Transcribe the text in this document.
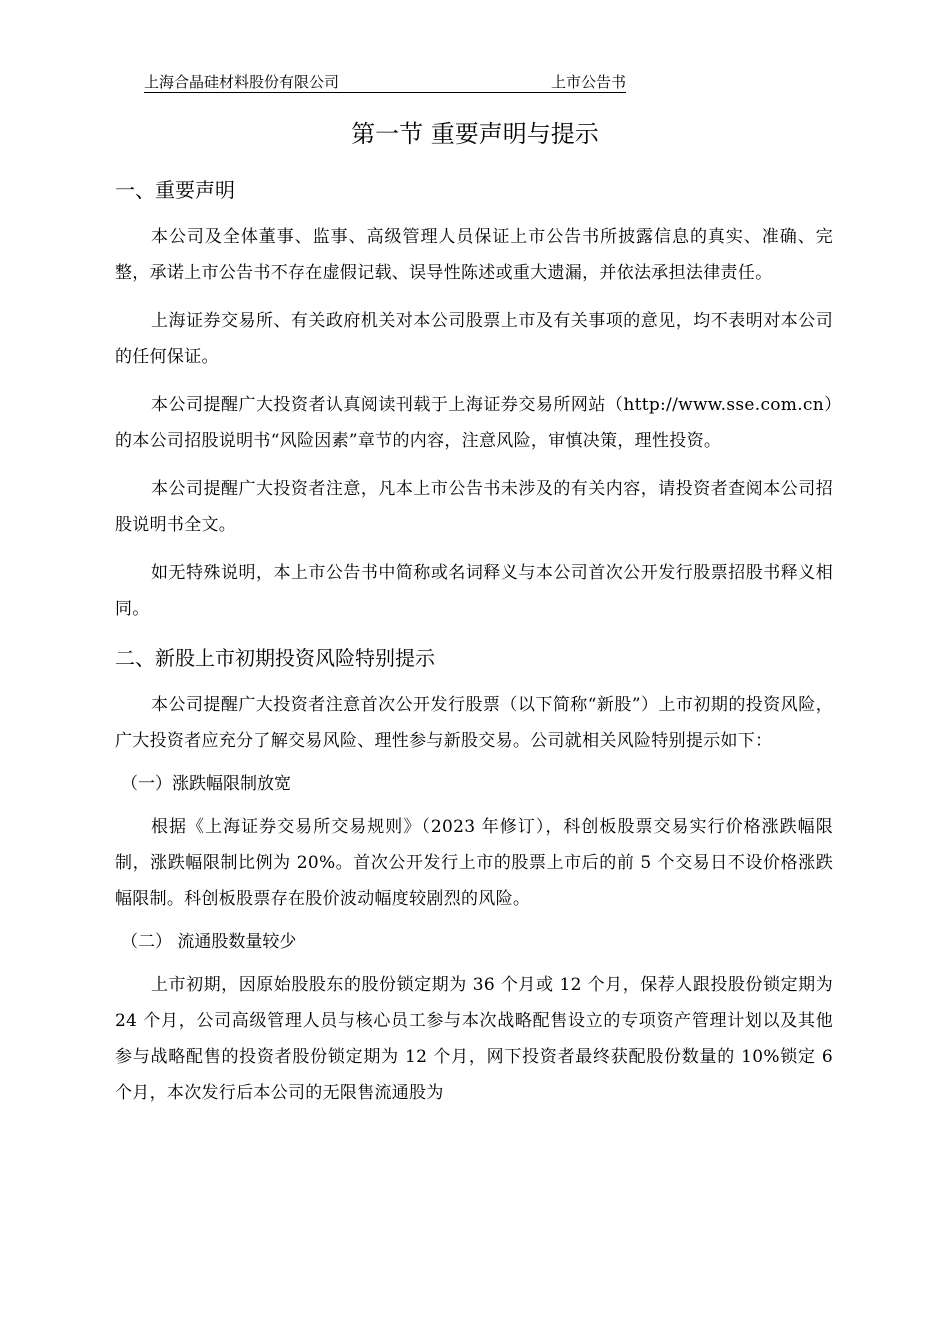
上海合晶硅材料股份有限公司	上市公告书
第一节 重要声明与提示
一、重要声明

本公司及全体董事、监事、高级管理人员保证上市公告书所披露信息的真实、准确、完整，承诺上市公告书不存在虚假记载、误导性陈述或重大遗漏，并依法承担法律责任。

上海证券交易所、有关政府机关对本公司股票上市及有关事项的意见，均不表明对本公司的任何保证。

本公司提醒广大投资者认真阅读刊载于上海证券交易所网站（http://www.sse.com.cn）的本公司招股说明书“风险因素”章节的内容，注意风险，审慎决策，理性投资。

本公司提醒广大投资者注意，凡本上市公告书未涉及的有关内容，请投资者查阅本公司招股说明书全文。

如无特殊说明，本上市公告书中简称或名词释义与本公司首次公开发行股票招股书释义相同。

二、新股上市初期投资风险特别提示

本公司提醒广大投资者注意首次公开发行股票（以下简称“新股”）上市初期的投资风险，广大投资者应充分了解交易风险、理性参与新股交易。公司就相关风险特别提示如下：

（一）涨跌幅限制放宽

根据《上海证券交易所交易规则》（2023 年修订），科创板股票交易实行价格涨跌幅限制，涨跌幅限制比例为 20%。首次公开发行上市的股票上市后的前 5 个交易日不设价格涨跌幅限制。科创板股票存在股价波动幅度较剧烈的风险。

（二） 流通股数量较少

上市初期，因原始股股东的股份锁定期为 36 个月或 12 个月，保荐人跟投股份锁定期为 24 个月，公司高级管理人员与核心员工参与本次战略配售设立的专项资产管理计划以及其他参与战略配售的投资者股份锁定期为 12 个月，网下投资者最终获配股份数量的 10%锁定 6 个月，本次发行后本公司的无限售流通股为
